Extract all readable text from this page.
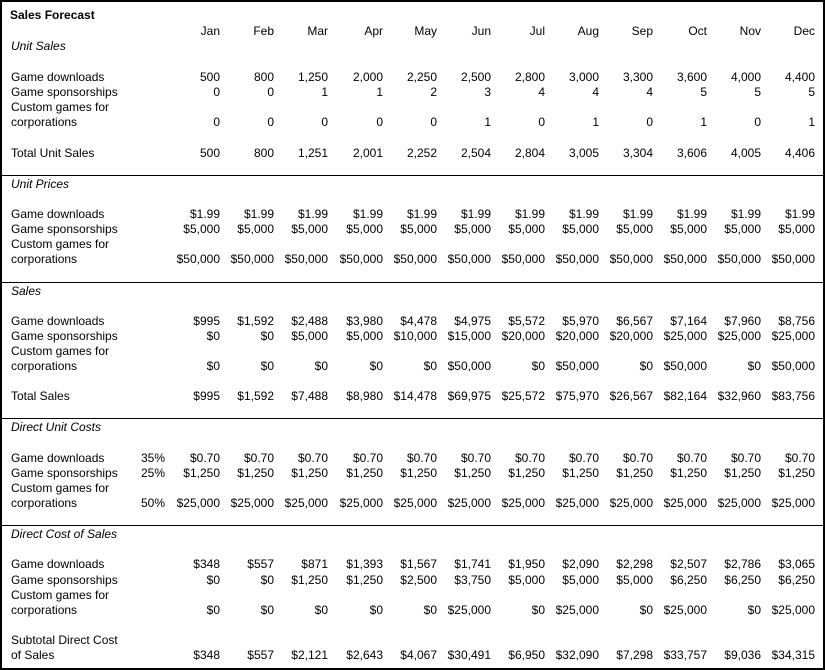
Sales Forecast
Jan	Feb	Mar	Apr	May	Jun	Jul	Aug	Sep	Oct	Nov	Dec
Unit Sales
Game downloads	500	800	1,250	2,000	2,250	2,500	2,800	3,000	3,300	3,600	4,000	4,400
Game sponsorships	0	0	1	1	2	3	4	4	4	5	5	5
Custom games for
corporations	0	0	0	0	0	1	0	1	0	1	0	1
Total Unit Sales	500	800	1,251	2,001	2,252	2,504	2,804	3,005	3,304	3,606	4,005	4,406
Unit Prices
Game downloads	$1.99	$1.99	$1.99	$1.99	$1.99	$1.99	$1.99	$1.99	$1.99	$1.99	$1.99	$1.99
Game sponsorships	$5,000	$5,000	$5,000	$5,000	$5,000	$5,000	$5,000	$5,000	$5,000	$5,000	$5,000	$5,000
Custom games for
corporations	$50,000 $50,000 $50,000 $50,000 $50,000 $50,000 $50,000 $50,000 $50,000 $50,000 $50,000 $50,000
Sales
Game downloads	$995	$1,592	$2,488	$3,980	$4,478	$4,975	$5,572	$5,970	$6,567	$7,164	$7,960	$8,756
Game sponsorships	$0	$0	$5,000	$5,000 $10,000 $15,000 $20,000 $20,000 $20,000 $25,000 $25,000 $25,000
Custom games for
corporations	$0	$0	$0	$0	$0 $50,000	$0 $50,000	$0 $50,000	$0 $50,000
Total Sales	$995	$1,592	$7,488	$8,980 $14,478 $69,975 $25,572 $75,970 $26,567 $82,164 $32,960 $83,756
Direct Unit Costs
Game downloads	35%	$0.70	$0.70	$0.70	$0.70	$0.70	$0.70	$0.70	$0.70	$0.70	$0.70	$0.70	$0.70
Game sponsorships	25%	$1,250	$1,250	$1,250	$1,250	$1,250	$1,250	$1,250	$1,250	$1,250	$1,250	$1,250	$1,250
Custom games for
corporations	50% $25,000 $25,000 $25,000 $25,000 $25,000 $25,000 $25,000 $25,000 $25,000 $25,000 $25,000 $25,000
Direct Cost of Sales
Game downloads	$348	$557	$871	$1,393	$1,567	$1,741	$1,950	$2,090	$2,298	$2,507	$2,786	$3,065
Game sponsorships	$0	$0	$1,250	$1,250	$2,500	$3,750	$5,000	$5,000	$5,000	$6,250	$6,250	$6,250
Custom games for
corporations	$0	$0	$0	$0	$0 $25,000	$0 $25,000	$0 $25,000	$0 $25,000
Subtotal Direct Cost
of Sales	$348	$557	$2,121	$2,643	$4,067 $30,491	$6,950 $32,090	$7,298 $33,757	$9,036 $34,315
